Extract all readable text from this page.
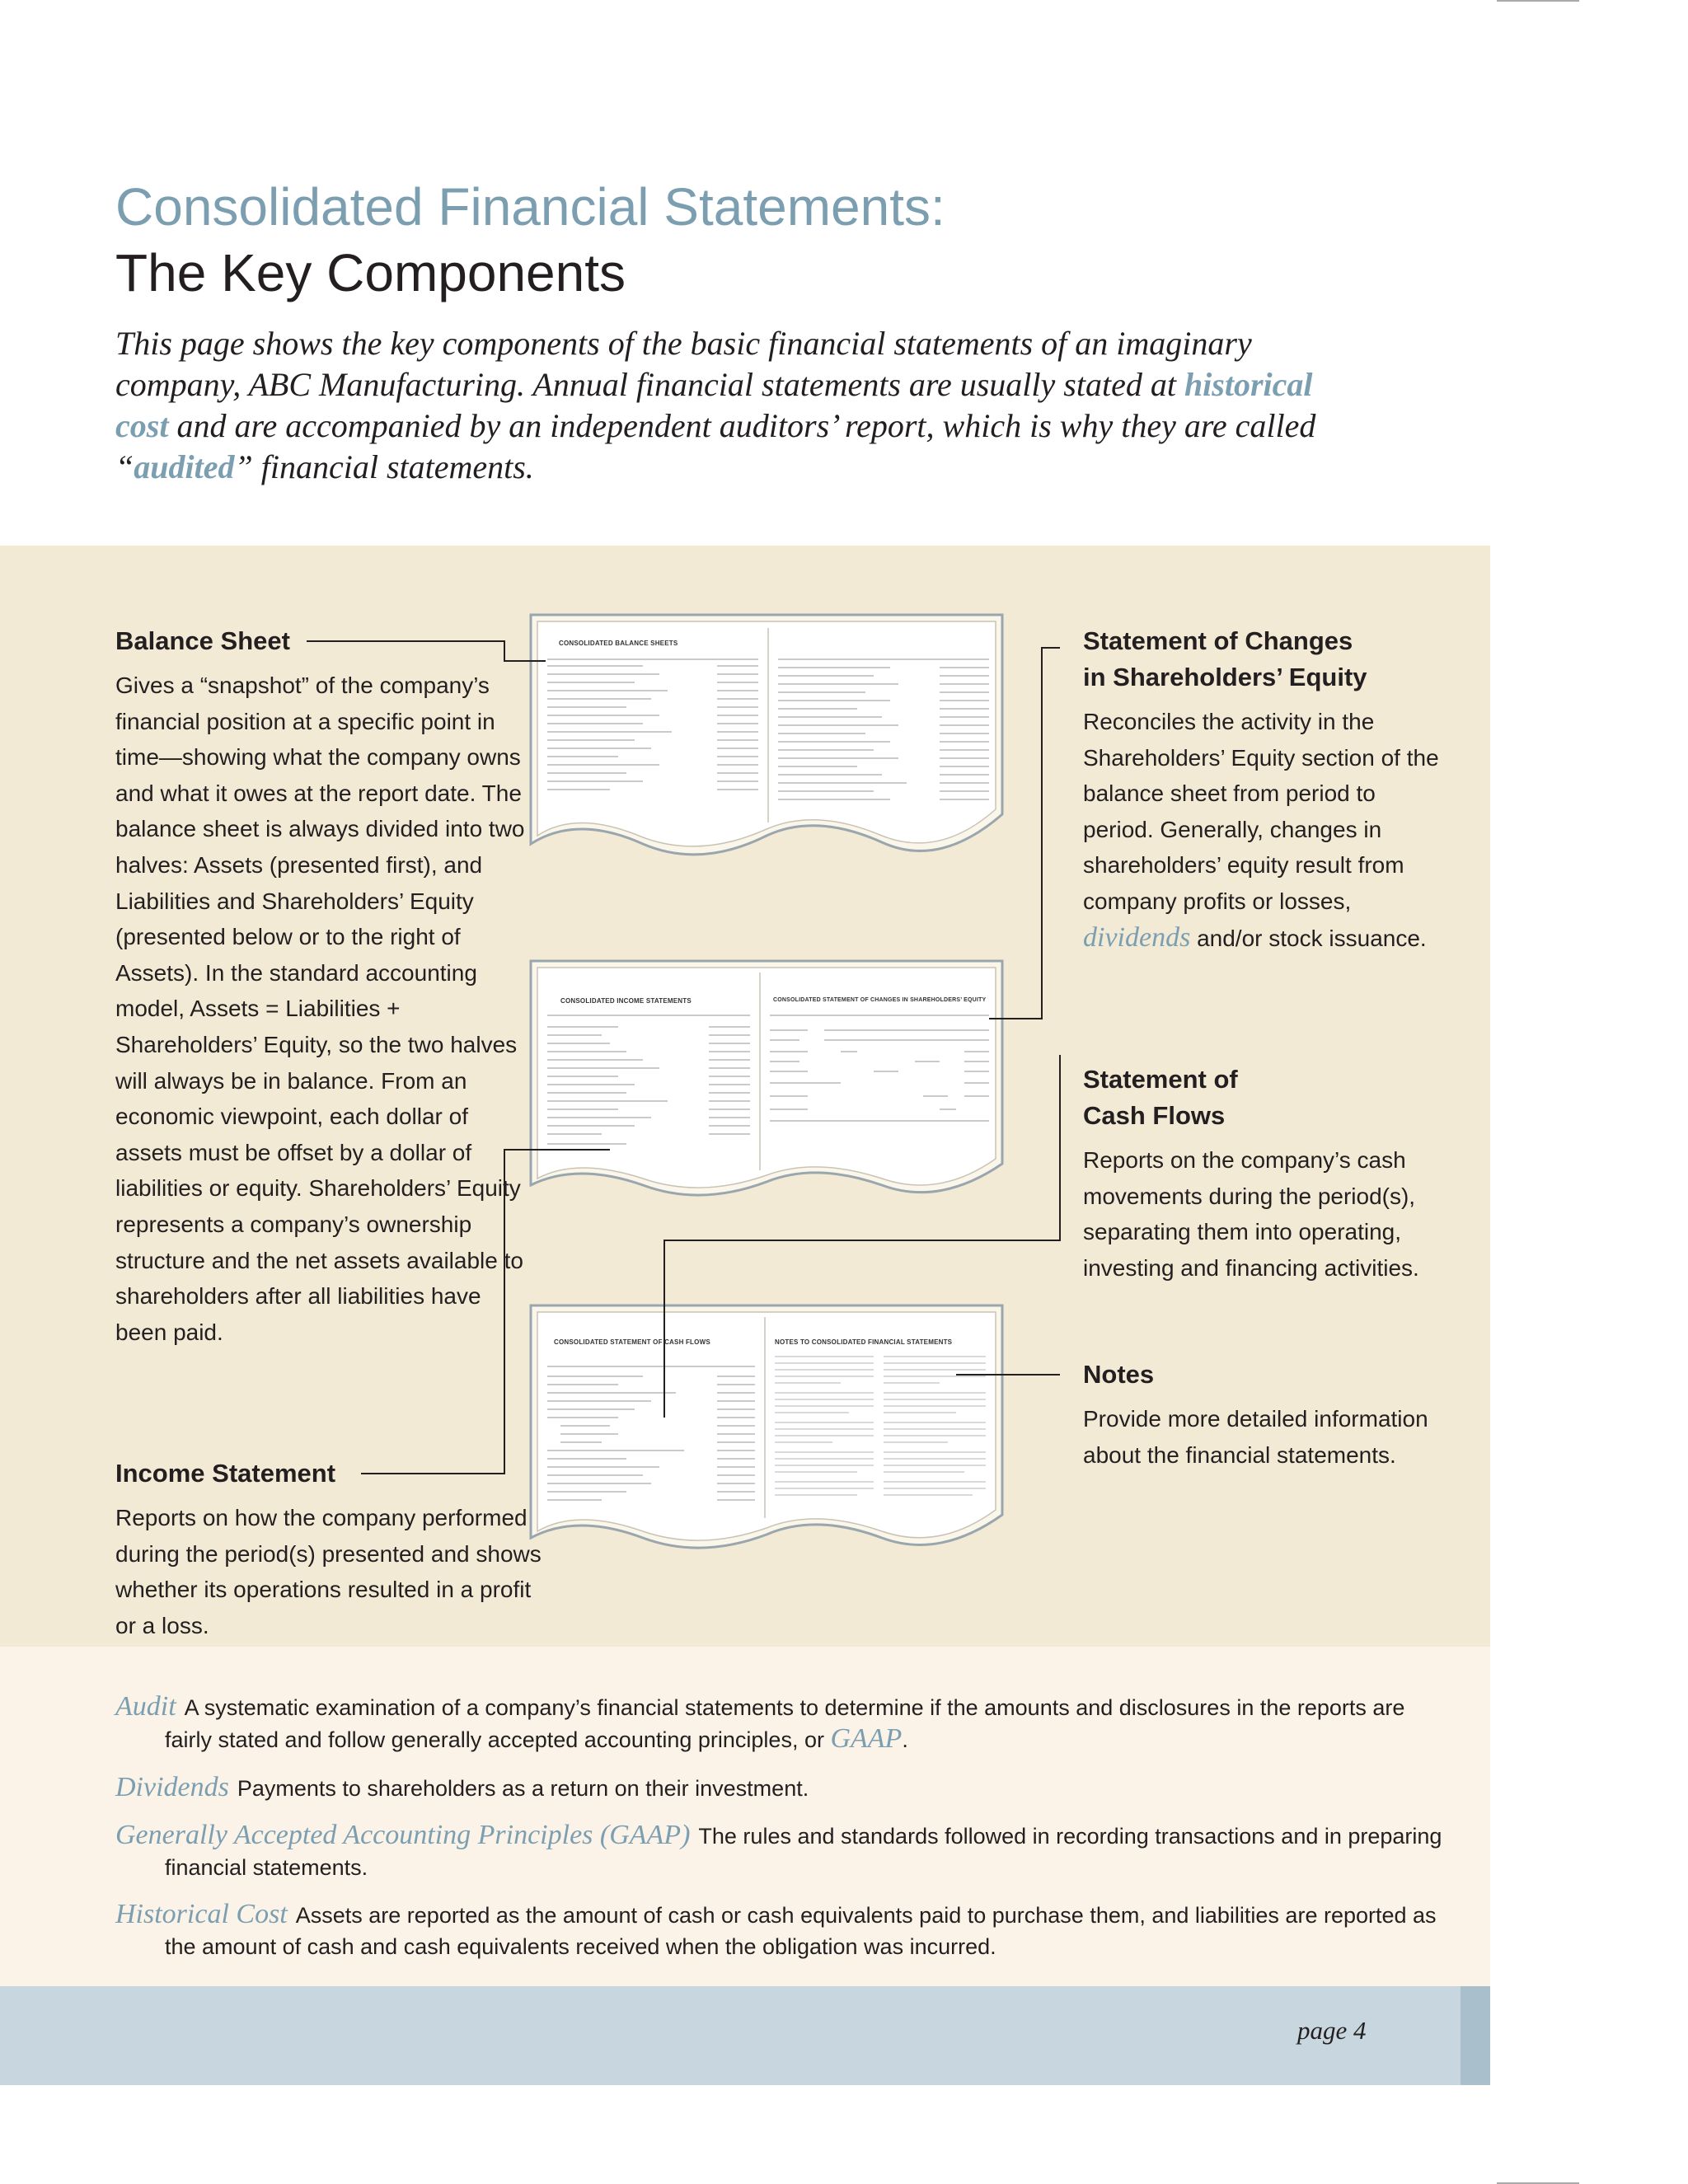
Consolidated Financial Statements:
The Key Components

This page shows the key components of the basic financial statements of an imaginary company, ABC Manufacturing. Annual financial statements are usually stated at historical cost and are accompanied by an independent auditors’ report, which is why they are called “audited” financial statements.

Balance Sheet

Gives a “snapshot” of the company’s financial position at a specific point in time—showing what the company owns and what it owes at the report date. The balance sheet is always divided into two halves: Assets (presented first), and Liabilities and Shareholders’ Equity (presented below or to the right of Assets). In the standard accounting model, Assets = Liabilities + Shareholders’ Equity, so the two halves will always be in balance. From an economic viewpoint, each dollar of assets must be offset by a dollar of liabilities or equity. Shareholders’ Equity represents a company’s ownership structure and the net assets available to shareholders after all liabilities have been paid.

Income Statement

Reports on how the company performed during the period(s) presented and shows whether its operations resulted in a profit or a loss.

Statement of Changes
in Shareholders’ Equity

Reconciles the activity in the Shareholders’ Equity section of the balance sheet from period to period. Generally, changes in shareholders’ equity result from company profits or losses, dividends and/or stock issuance.

Statement of
Cash Flows

Reports on the company’s cash movements during the period(s), separating them into operating, investing and financing activities.

Notes

Provide more detailed information about the financial statements.

CONSOLIDATED BALANCE SHEETS
CONSOLIDATED INCOME STATEMENTS	CONSOLIDATED STATEMENT OF CHANGES IN SHAREHOLDERS’ EQUITY
CONSOLIDATED STATEMENT OF CASH FLOWS	NOTES TO CONSOLIDATED FINANCIAL STATEMENTS

Audit A systematic examination of a company’s financial statements to determine if the amounts and disclosures in the reports are fairly stated and follow generally accepted accounting principles, or GAAP.

Dividends Payments to shareholders as a return on their investment.

Generally Accepted Accounting Principles (GAAP) The rules and standards followed in recording transactions and in preparing financial statements.

Historical Cost Assets are reported as the amount of cash or cash equivalents paid to purchase them, and liabilities are reported as the amount of cash and cash equivalents received when the obligation was incurred.

page 4
